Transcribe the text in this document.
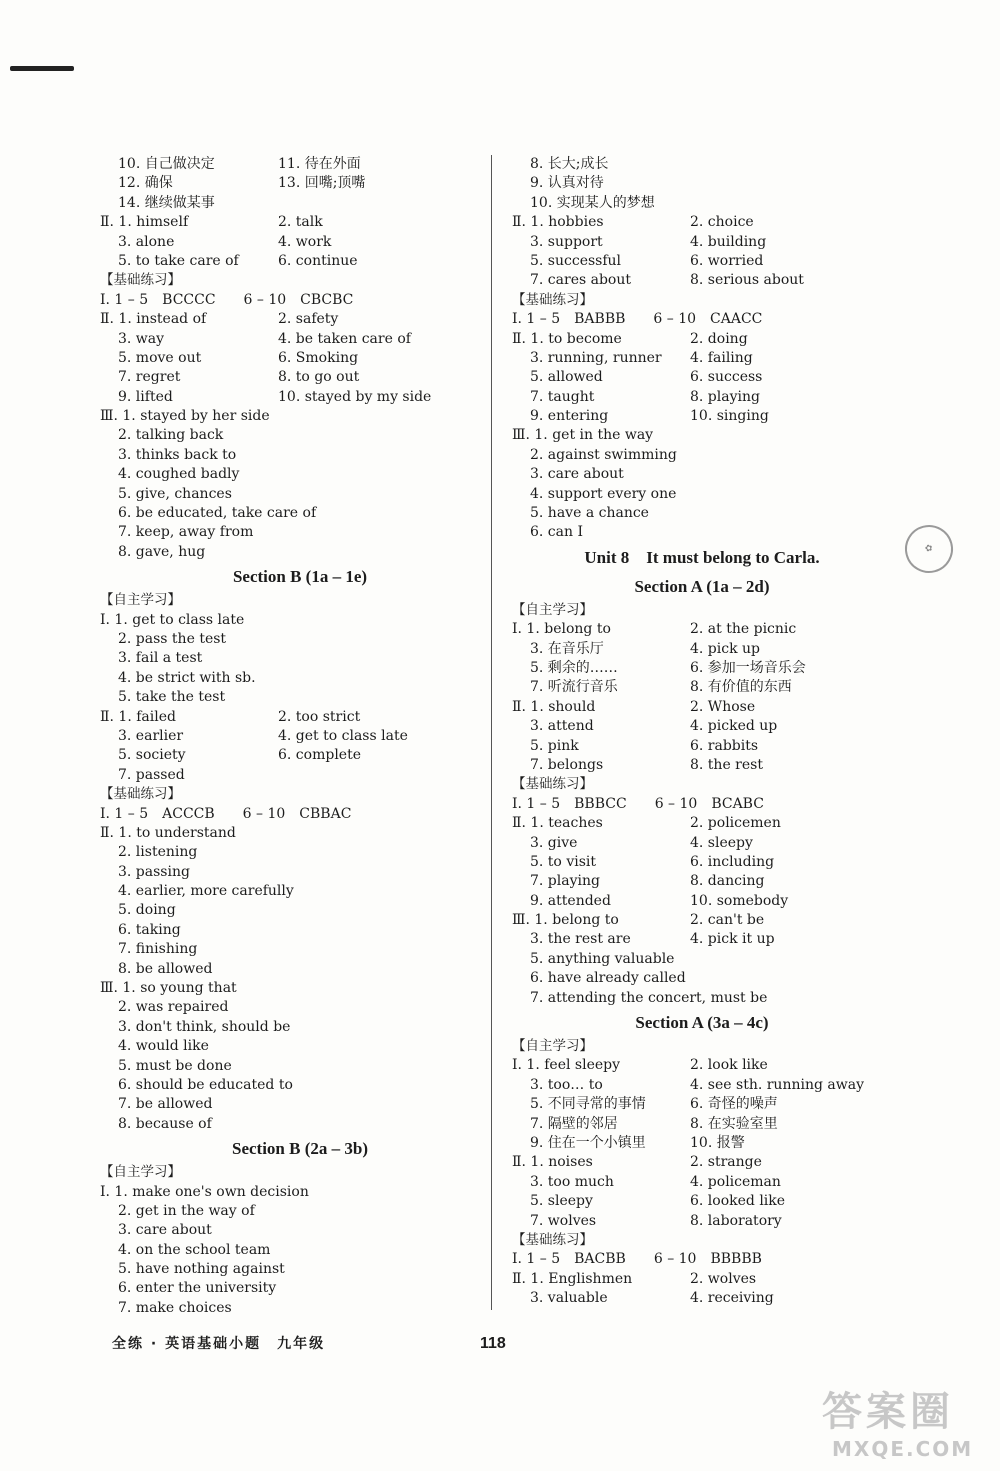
10. 自己做决定	11. 待在外面
12. 确保	13. 回嘴;顶嘴
14. 继续做某事
Ⅱ. 1. himself	2. talk
3. alone	4. work
5. to take care of	6. continue
【基础练习】
Ⅰ. 1 – 5　BCCCC　　6 – 10　CBCBC
Ⅱ. 1. instead of	2. safety
3. way	4. be taken care of
5. move out	6. Smoking
7. regret	8. to go out
9. lifted	10. stayed by my side
Ⅲ. 1. stayed by her side
2. talking back
3. thinks back to
4. coughed badly
5. give, chances
6. be educated, take care of
7. keep, away from
8. gave, hug
Section B (1a – 1e)
【自主学习】
Ⅰ. 1. get to class late
2. pass the test
3. fail a test
4. be strict with sb.
5. take the test
Ⅱ. 1. failed	2. too strict
3. earlier	4. get to class late
5. society	6. complete
7. passed
【基础练习】
Ⅰ. 1 – 5　ACCCB　　6 – 10　CBBAC
Ⅱ. 1. to understand
2. listening
3. passing
4. earlier, more carefully
5. doing
6. taking
7. finishing
8. be allowed
Ⅲ. 1. so young that
2. was repaired
3. don't think, should be
4. would like
5. must be done
6. should be educated to
7. be allowed
8. because of
Section B (2a – 3b)
【自主学习】
Ⅰ. 1. make one's own decision
2. get in the way of
3. care about
4. on the school team
5. have nothing against
6. enter the university
7. make choices
8. 长大;成长
9. 认真对待
10. 实现某人的梦想
Ⅱ. 1. hobbies	2. choice
3. support	4. building
5. successful	6. worried
7. cares about	8. serious about
【基础练习】
Ⅰ. 1 – 5　BABBB　　6 – 10　CAACC
Ⅱ. 1. to become	2. doing
3. running, runner 4. failing
5. allowed	6. success
7. taught	8. playing
9. entering	10. singing
Ⅲ. 1. get in the way
2. against swimming
3. care about
4. support every one
5. have a chance
6. can I
Unit 8　It must belong to Carla.
Section A (1a – 2d)
【自主学习】
Ⅰ. 1. belong to	2. at the picnic
3. 在音乐厅	4. pick up
5. 剩余的……	6. 参加一场音乐会
7. 听流行音乐	8. 有价值的东西
Ⅱ. 1. should	2. Whose
3. attend	4. picked up
5. pink	6. rabbits
7. belongs	8. the rest
【基础练习】
Ⅰ. 1 – 5　BBBCC　　6 – 10　BCABC
Ⅱ. 1. teaches	2. policemen
3. give	4. sleepy
5. to visit	6. including
7. playing	8. dancing
9. attended	10. somebody
Ⅲ. 1. belong to	2. can't be
3. the rest are	4. pick it up
5. anything valuable
6. have already called
7. attending the concert, must be
Section A (3a – 4c)
【自主学习】
Ⅰ. 1. feel sleepy	2. look like
3. too… to	4. see sth. running away
5. 不同寻常的事情	6. 奇怪的噪声
7. 隔壁的邻居	8. 在实验室里
9. 住在一个小镇里	10. 报警
Ⅱ. 1. noises	2. strange
3. too much	4. policeman
5. sleepy	6. looked like
7. wolves	8. laboratory
【基础练习】
Ⅰ. 1 – 5　BACBB　　6 – 10　BBBBB
Ⅱ. 1. Englishmen	2. wolves
3. valuable	4. receiving
✿
全练 · 英语基础小题　九年级	118
答案圈
MXQE.COM
